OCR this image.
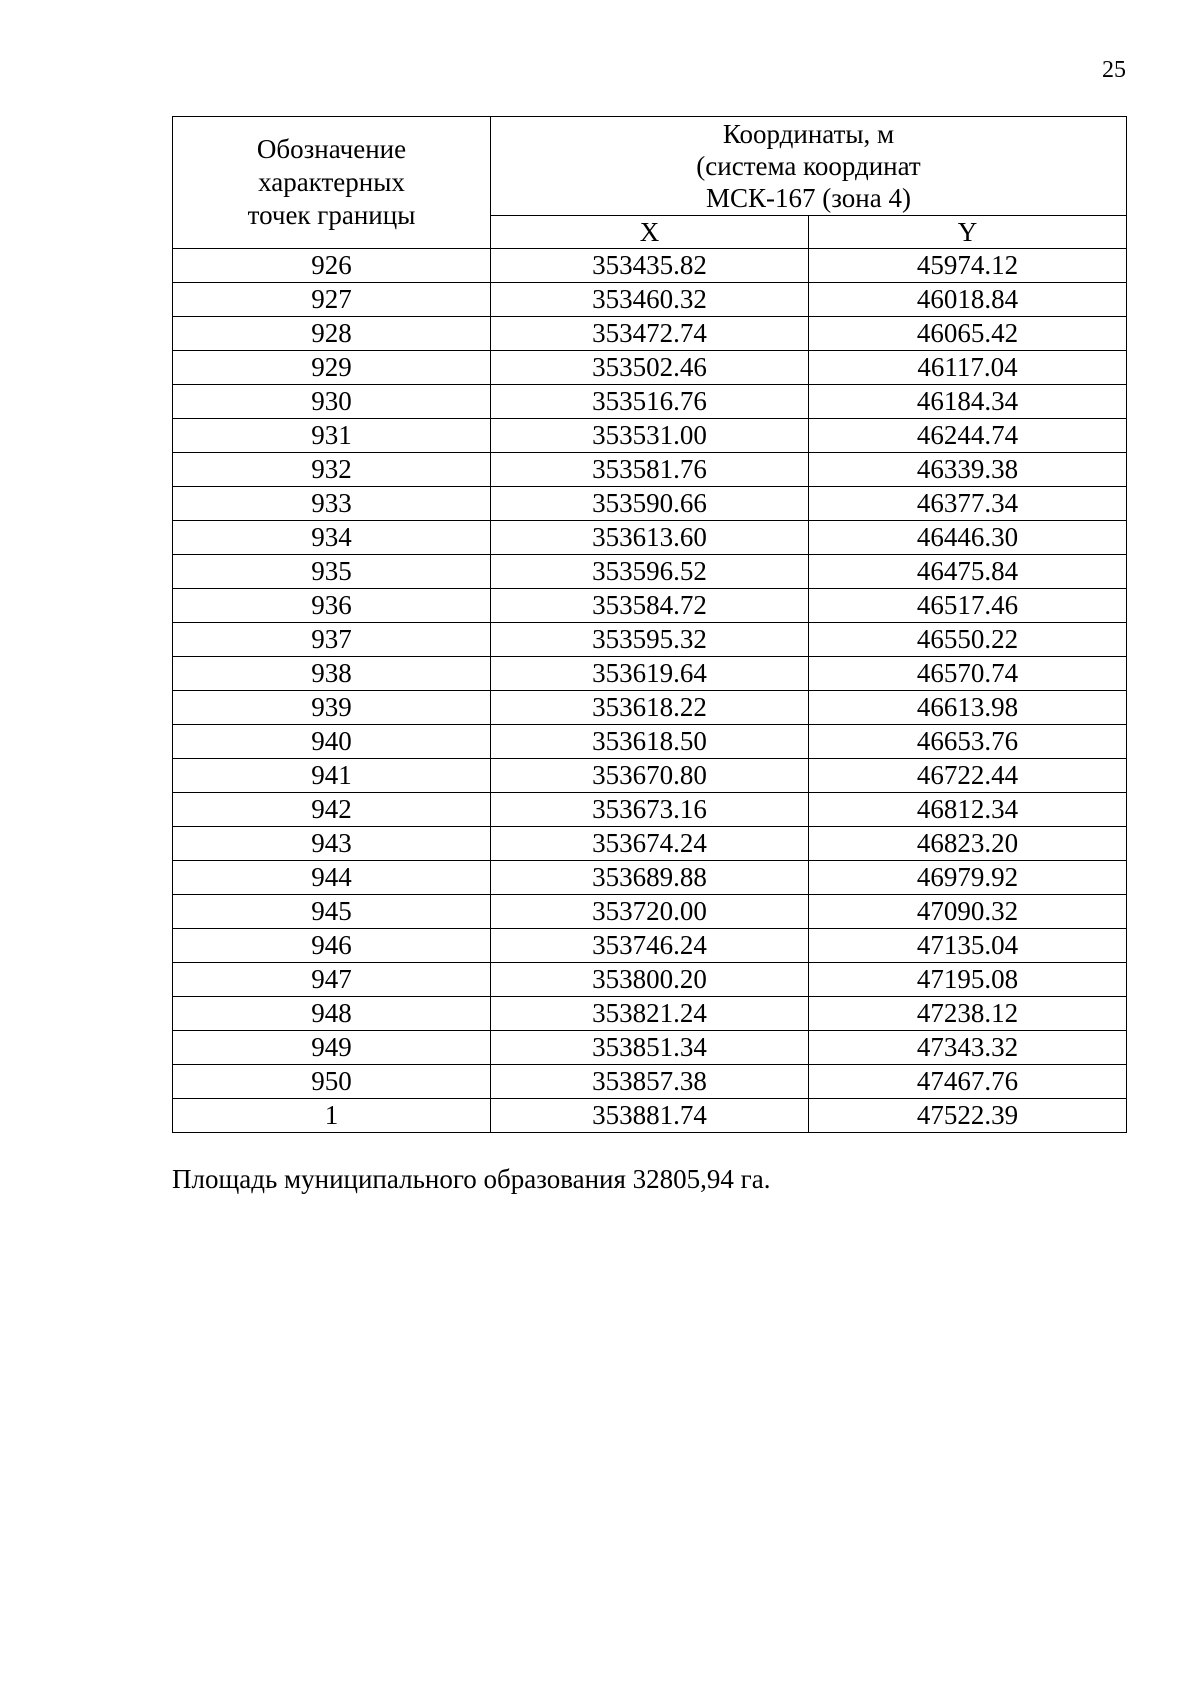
25
Обозначение
характерных
точек границы	Координаты, м
(система координат
МСК-167 (зона 4)	

	X	Y
926	353435.82	45974.12
927	353460.32	46018.84
928	353472.74	46065.42
929	353502.46	46117.04
930	353516.76	46184.34
931	353531.00	46244.74
932	353581.76	46339.38
933	353590.66	46377.34
934	353613.60	46446.30
935	353596.52	46475.84
936	353584.72	46517.46
937	353595.32	46550.22
938	353619.64	46570.74
939	353618.22	46613.98
940	353618.50	46653.76
941	353670.80	46722.44
942	353673.16	46812.34
943	353674.24	46823.20
944	353689.88	46979.92
945	353720.00	47090.32
946	353746.24	47135.04
947	353800.20	47195.08
948	353821.24	47238.12
949	353851.34	47343.32
950	353857.38	47467.76
1	353881.74	47522.39
Площадь муниципального образования 32805,94 га.
